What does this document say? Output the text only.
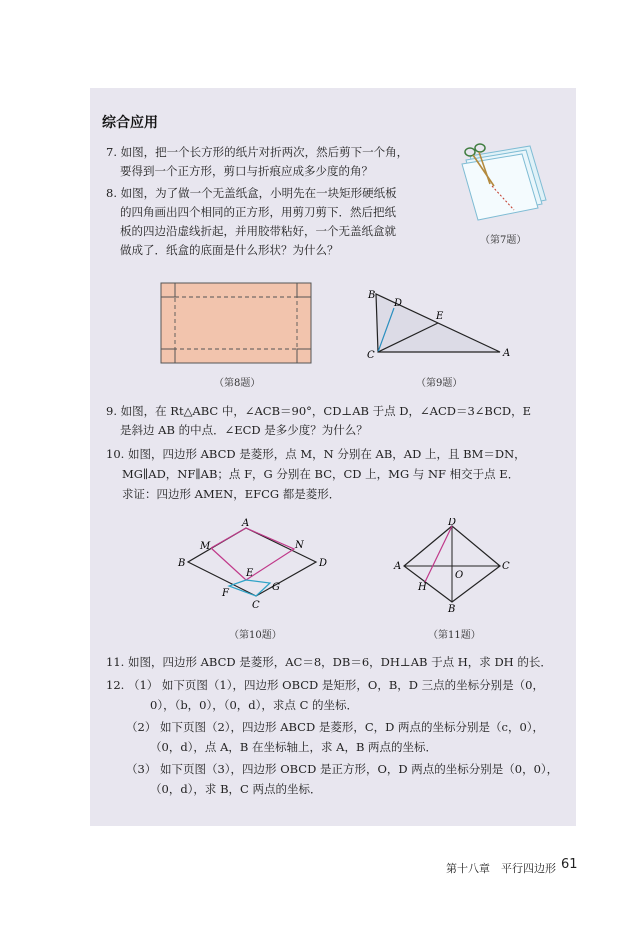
综合应用
7. 如图，把一个长方形的纸片对折两次，然后剪下一个角，
要得到一个正方形，剪口与折痕应成多少度的角？
8. 如图，为了做一个无盖纸盒，小明先在一块矩形硬纸板
的四角画出四个相同的正方形，用剪刀剪下．然后把纸
板的四边沿虚线折起，并用胶带粘好，一个无盖纸盒就
做成了．纸盒的底面是什么形状？为什么？
（第7题）
（第8题）
B
D
E
C	A
（第9题）
9. 如图，在 Rt△ABC 中，∠ACB＝90°，CD⊥AB 于点 D，∠ACD＝3∠BCD，E
是斜边 AB 的中点．∠ECD 是多少度？为什么？
10. 如图，四边形 ABCD 是菱形，点 M，N 分别在 AB，AD 上，且 BM＝DN，
MG∥AD，NF∥AB；点 F，G 分别在 BC，CD 上，MG 与 NF 相交于点 E．
求证：四边形 AMEN，EFCG 都是菱形．
A
M	N
B	D
E
F
G
C
（第10题）
D
A
O
C
H
B
（第11题）
11. 如图，四边形 ABCD 是菱形，AC＝8，DB＝6，DH⊥AB 于点 H，求 DH 的长．
12. （1） 如下页图（1），四边形 OBCD 是矩形，O，B，D 三点的坐标分别是（0，
0），（b，0），（0，d），求点 C 的坐标．
（2） 如下页图（2），四边形 ABCD 是菱形，C，D 两点的坐标分别是（c，0），
（0，d），点 A，B 在坐标轴上，求 A，B 两点的坐标．
（3） 如下页图（3），四边形 OBCD 是正方形，O，D 两点的坐标分别是（0，0），
（0，d），求 B，C 两点的坐标．
第十八章　平行四边形 61
